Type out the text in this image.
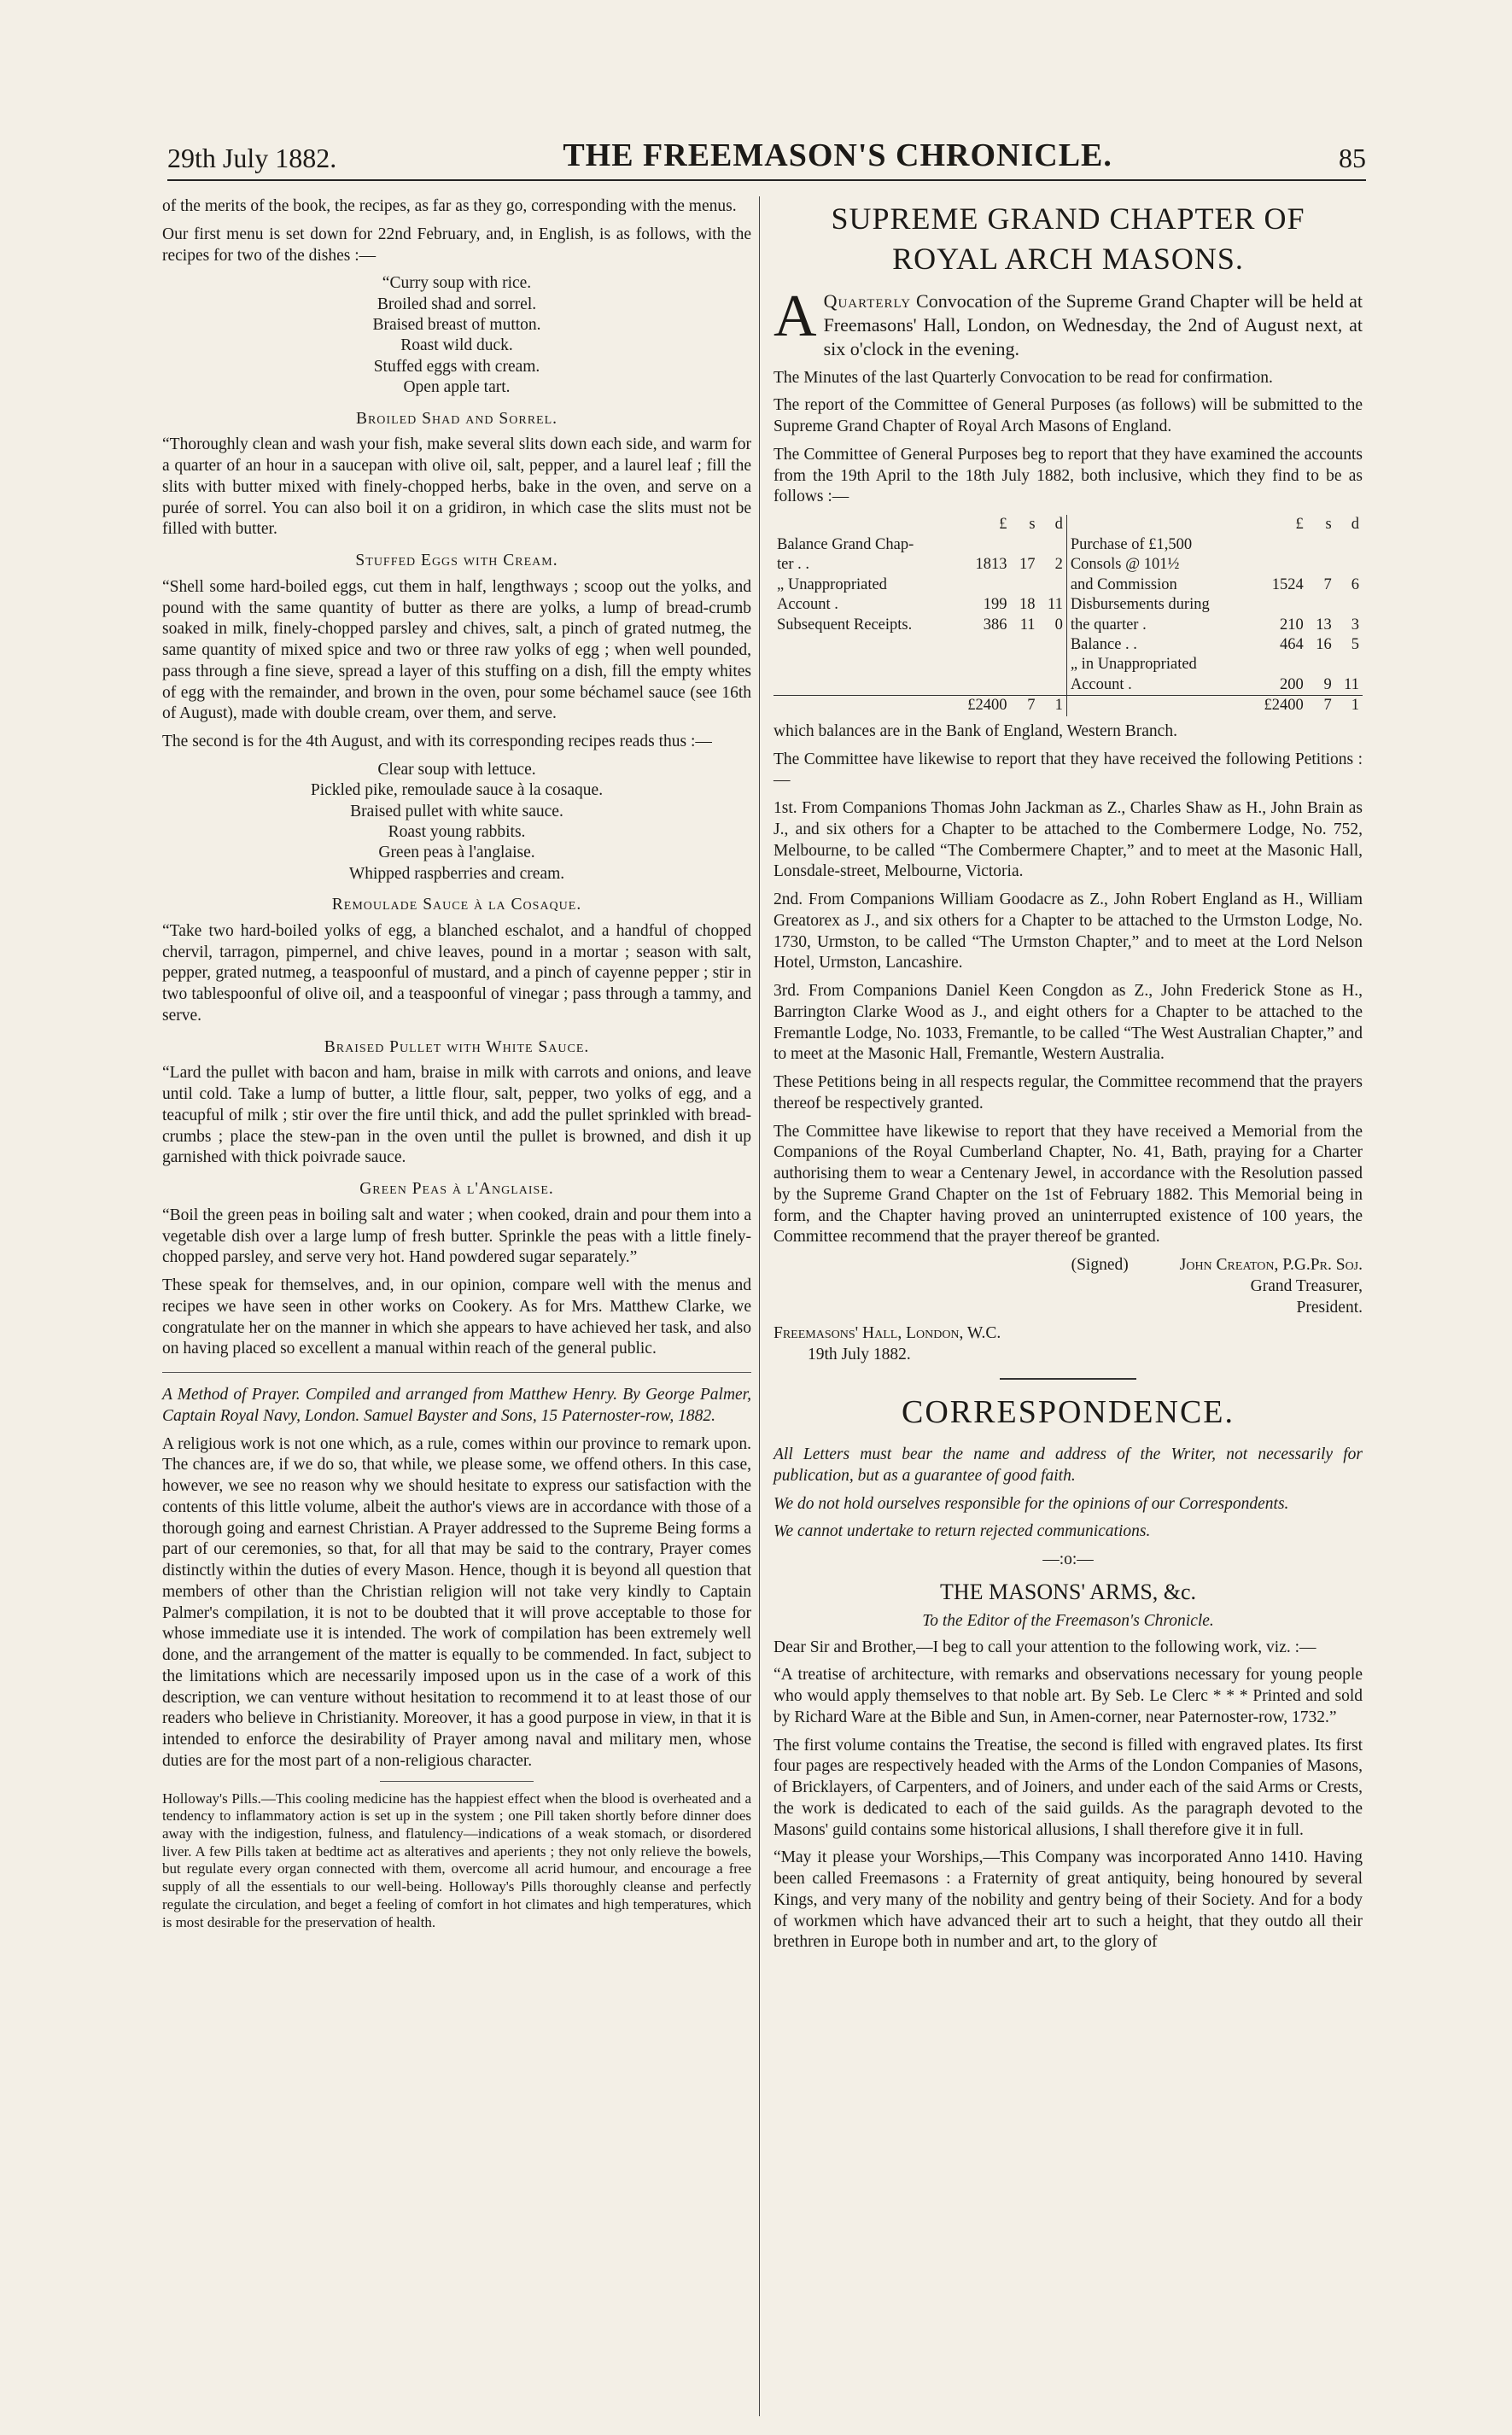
29th July 1882.	THE FREEMASON'S CHRONICLE.	85

of the merits of the book, the recipes, as far as they go, corresponding with the menus.

Our first menu is set down for 22nd February, and, in English, is as follows, with the recipes for two of the dishes :—

“Curry soup with rice.
Broiled shad and sorrel.
Braised breast of mutton.
Roast wild duck.
Stuffed eggs with cream.
Open apple tart.
Broiled Shad and Sorrel.

“Thoroughly clean and wash your fish, make several slits down each side, and warm for a quarter of an hour in a saucepan with olive oil, salt, pepper, and a laurel leaf ; fill the slits with butter mixed with finely-chopped herbs, bake in the oven, and serve on a purée of sorrel. You can also boil it on a gridiron, in which case the slits must not be filled with butter.

Stuffed Eggs with Cream.

“Shell some hard-boiled eggs, cut them in half, lengthways ; scoop out the yolks, and pound with the same quantity of butter as there are yolks, a lump of bread-crumb soaked in milk, finely-chopped parsley and chives, salt, a pinch of grated nutmeg, the same quantity of mixed spice and two or three raw yolks of egg ; when well pounded, pass through a fine sieve, spread a layer of this stuffing on a dish, fill the empty whites of egg with the remainder, and brown in the oven, pour some béchamel sauce (see 16th of August), made with double cream, over them, and serve.

The second is for the 4th August, and with its corresponding recipes reads thus :—

Clear soup with lettuce.
Pickled pike, remoulade sauce à la cosaque.
Braised pullet with white sauce.
Roast young rabbits.
Green peas à l'anglaise.
Whipped raspberries and cream.
Remoulade Sauce à la Cosaque.

“Take two hard-boiled yolks of egg, a blanched eschalot, and a handful of chopped chervil, tarragon, pimpernel, and chive leaves, pound in a mortar ; season with salt, pepper, grated nutmeg, a teaspoonful of mustard, and a pinch of cayenne pepper ; stir in two tablespoonful of olive oil, and a teaspoonful of vinegar ; pass through a tammy, and serve.

Braised Pullet with White Sauce.

“Lard the pullet with bacon and ham, braise in milk with carrots and onions, and leave until cold. Take a lump of butter, a little flour, salt, pepper, two yolks of egg, and a teacupful of milk ; stir over the fire until thick, and add the pullet sprinkled with bread-crumbs ; place the stew-pan in the oven until the pullet is browned, and dish it up garnished with thick poivrade sauce.

Green Peas à l'Anglaise.

“Boil the green peas in boiling salt and water ; when cooked, drain and pour them into a vegetable dish over a large lump of fresh butter. Sprinkle the peas with a little finely-chopped parsley, and serve very hot. Hand powdered sugar separately.”

These speak for themselves, and, in our opinion, compare well with the menus and recipes we have seen in other works on Cookery. As for Mrs. Matthew Clarke, we congratulate her on the manner in which she appears to have achieved her task, and also on having placed so excellent a manual within reach of the general public.

A Method of Prayer. Compiled and arranged from Matthew Henry. By George Palmer, Captain Royal Navy, London. Samuel Bayster and Sons, 15 Paternoster-row, 1882.

A religious work is not one which, as a rule, comes within our province to remark upon. The chances are, if we do so, that while, we please some, we offend others. In this case, however, we see no reason why we should hesitate to express our satisfaction with the contents of this little volume, albeit the author's views are in accordance with those of a thorough going and earnest Christian. A Prayer addressed to the Supreme Being forms a part of our ceremonies, so that, for all that may be said to the contrary, Prayer comes distinctly within the duties of every Mason. Hence, though it is beyond all question that members of other than the Christian religion will not take very kindly to Captain Palmer's compilation, it is not to be doubted that it will prove acceptable to those for whose immediate use it is intended. The work of compilation has been extremely well done, and the arrangement of the matter is equally to be commended. In fact, subject to the limitations which are necessarily imposed upon us in the case of a work of this description, we can venture without hesitation to recommend it to at least those of our readers who believe in Christianity. Moreover, it has a good purpose in view, in that it is intended to enforce the desirability of Prayer among naval and military men, whose duties are for the most part of a non-religious character.

Holloway's Pills.—This cooling medicine has the happiest effect when the blood is overheated and a tendency to inflammatory action is set up in the system ; one Pill taken shortly before dinner does away with the indigestion, fulness, and flatulency—indications of a weak stomach, or disordered liver. A few Pills taken at bedtime act as alteratives and aperients ; they not only relieve the bowels, but regulate every organ connected with them, overcome all acrid humour, and encourage a free supply of all the essentials to our well-being. Holloway's Pills thoroughly cleanse and perfectly regulate the circulation, and beget a feeling of comfort in hot climates and high temperatures, which is most desirable for the preservation of health.

SUPREME GRAND CHAPTER OF
ROYAL ARCH MASONS.

A Quarterly Convocation of the Supreme Grand Chapter will be held at Freemasons' Hall, London, on Wednesday, the 2nd of August next, at six o'clock in the evening.

The Minutes of the last Quarterly Convocation to be read for confirmation.

The report of the Committee of General Purposes (as follows) will be submitted to the Supreme Grand Chapter of Royal Arch Masons of England.

The Committee of General Purposes beg to report that they have examined the accounts from the 19th April to the 18th July 1882, both inclusive, which they find to be as follows :—

	£	s	d		£	s	d
Balance Grand Chap-				Purchase of £1,500			
ter . .	1813	17	2	Consols @ 101½			
„ Unappropriated				and Commission	1524	7	6
Account .	199	18	11	Disbursements during			
Subsequent Receipts.	386	11	0	the quarter .	210	13	3
				Balance . .	464	16	5
				„ in Unappropriated			
				Account .	200	9	11
	£2400	7	1		£2400	7	1

which balances are in the Bank of England, Western Branch.

The Committee have likewise to report that they have received the following Petitions :—

1st. From Companions Thomas John Jackman as Z., Charles Shaw as H., John Brain as J., and six others for a Chapter to be attached to the Combermere Lodge, No. 752, Melbourne, to be called “The Combermere Chapter,” and to meet at the Masonic Hall, Lonsdale-street, Melbourne, Victoria.

2nd. From Companions William Goodacre as Z., John Robert England as H., William Greatorex as J., and six others for a Chapter to be attached to the Urmston Lodge, No. 1730, Urmston, to be called “The Urmston Chapter,” and to meet at the Lord Nelson Hotel, Urmston, Lancashire.

3rd. From Companions Daniel Keen Congdon as Z., John Frederick Stone as H., Barrington Clarke Wood as J., and eight others for a Chapter to be attached to the Fremantle Lodge, No. 1033, Fremantle, to be called “The West Australian Chapter,” and to meet at the Masonic Hall, Fremantle, Western Australia.

These Petitions being in all respects regular, the Committee recommend that the prayers thereof be respectively granted.

The Committee have likewise to report that they have received a Memorial from the Companions of the Royal Cumberland Chapter, No. 41, Bath, praying for a Charter authorising them to wear a Centenary Jewel, in accordance with the Resolution passed by the Supreme Grand Chapter on the 1st of February 1882. This Memorial being in form, and the Chapter having proved an uninterrupted existence of 100 years, the Committee recommend that the prayer thereof be granted.

(Signed)	John Creaton, P.G.Pr. Soj.
Grand Treasurer,
President.
Freemasons' Hall, London, W.C.
19th July 1882.
CORRESPONDENCE.

All Letters must bear the name and address of the Writer, not necessarily for publication, but as a guarantee of good faith.

We do not hold ourselves responsible for the opinions of our Correspondents.

We cannot undertake to return rejected communications.

—:o:—
THE MASONS' ARMS, &c.
To the Editor of the Freemason's Chronicle.

Dear Sir and Brother,—I beg to call your attention to the following work, viz. :—

“A treatise of architecture, with remarks and observations necessary for young people who would apply themselves to that noble art. By Seb. Le Clerc * * * Printed and sold by Richard Ware at the Bible and Sun, in Amen-corner, near Paternoster-row, 1732.”

The first volume contains the Treatise, the second is filled with engraved plates. Its first four pages are respectively headed with the Arms of the London Companies of Masons, of Bricklayers, of Carpenters, and of Joiners, and under each of the said Arms or Crests, the work is dedicated to each of the said guilds. As the paragraph devoted to the Masons' guild contains some historical allusions, I shall therefore give it in full.

“May it please your Worships,—This Company was incorporated Anno 1410. Having been called Freemasons : a Fraternity of great antiquity, being honoured by several Kings, and very many of the nobility and gentry being of their Society. And for a body of workmen which have advanced their art to such a height, that they outdo all their brethren in Europe both in number and art, to the glory of
